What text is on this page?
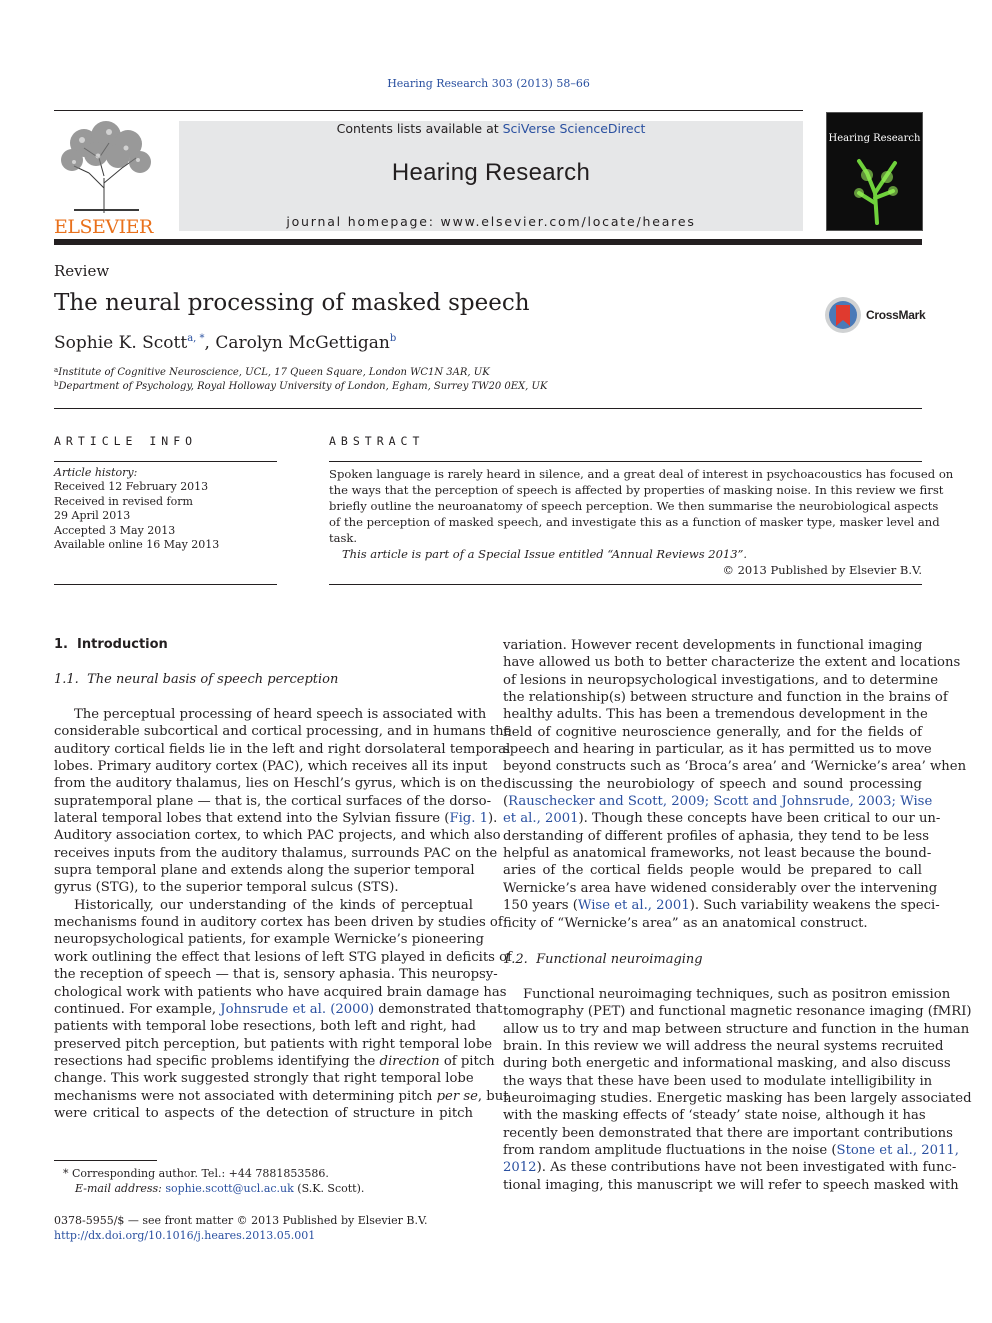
Hearing Research 303 (2013) 58–66
ELSEVIER
Contents lists available at SciVerse ScienceDirect
Hearing Research
journal homepage: www.elsevier.com/locate/heares
Hearing Research
Review
The neural processing of masked speech	CrossMark
Sophie K. Scott$^{a, *}$, Carolyn McGettigan$^b$
$^a$Institute of Cognitive Neuroscience, UCL, 17 Queen Square, London WC1N 3AR, UK
$^b$Department of Psychology, Royal Holloway University of London, Egham, Surrey TW20 0EX, UK
ARTICLE INFO
Article history:
Received 12 February 2013
Received in revised form
29 April 2013
Accepted 3 May 2013
Available online 16 May 2013
ABSTRACT
Spoken language is rarely heard in silence, and a great deal of interest in psychoacoustics has focused on
the ways that the perception of speech is affected by properties of masking noise. In this review we first
briefly outline the neuroanatomy of speech perception. We then summarise the neurobiological aspects
of the perception of masked speech, and investigate this as a function of masker type, masker level and
task.
This article is part of a Special Issue entitled “Annual Reviews 2013”.
© 2013 Published by Elsevier B.V.
1.  Introduction
1.1.  The neural basis of speech perception
The perceptual processing of heard speech is associated with
considerable subcortical and cortical processing, and in humans the
auditory cortical fields lie in the left and right dorsolateral temporal
lobes. Primary auditory cortex (PAC), which receives all its input
from the auditory thalamus, lies on Heschl’s gyrus, which is on the
supratemporal plane — that is, the cortical surfaces of the dorso-
lateral temporal lobes that extend into the Sylvian fissure (Fig. 1).
Auditory association cortex, to which PAC projects, and which also
receives inputs from the auditory thalamus, surrounds PAC on the
supra temporal plane and extends along the superior temporal
gyrus (STG), to the superior temporal sulcus (STS).
Historically, our understanding of the kinds of perceptual
mechanisms found in auditory cortex has been driven by studies of
neuropsychological patients, for example Wernicke’s pioneering
work outlining the effect that lesions of left STG played in deficits of
the reception of speech — that is, sensory aphasia. This neuropsy-
chological work with patients who have acquired brain damage has
continued. For example, Johnsrude et al. (2000) demonstrated that
patients with temporal lobe resections, both left and right, had
preserved pitch perception, but patients with right temporal lobe
resections had specific problems identifying the direction of pitch
change. This work suggested strongly that right temporal lobe
mechanisms were not associated with determining pitch per se, but
were critical to aspects of the detection of structure in pitch
variation. However recent developments in functional imaging
have allowed us both to better characterize the extent and locations
of lesions in neuropsychological investigations, and to determine
the relationship(s) between structure and function in the brains of
healthy adults. This has been a tremendous development in the
field of cognitive neuroscience generally, and for the fields of
speech and hearing in particular, as it has permitted us to move
beyond constructs such as ‘Broca’s area’ and ‘Wernicke’s area’ when
discussing the neurobiology of speech and sound processing
(Rauschecker and Scott, 2009; Scott and Johnsrude, 2003; Wise
et al., 2001). Though these concepts have been critical to our un-
derstanding of different profiles of aphasia, they tend to be less
helpful as anatomical frameworks, not least because the bound-
aries of the cortical fields people would be prepared to call
Wernicke’s area have widened considerably over the intervening
150 years (Wise et al., 2001). Such variability weakens the speci-
ficity of “Wernicke’s area” as an anatomical construct.
1.2.  Functional neuroimaging
Functional neuroimaging techniques, such as positron emission
tomography (PET) and functional magnetic resonance imaging (fMRI)
allow us to try and map between structure and function in the human
brain. In this review we will address the neural systems recruited
during both energetic and informational masking, and also discuss
the ways that these have been used to modulate intelligibility in
neuroimaging studies. Energetic masking has been largely associated
with the masking effects of ‘steady’ state noise, although it has
recently been demonstrated that there are important contributions
from random amplitude fluctuations in the noise (Stone et al., 2011,
2012). As these contributions have not been investigated with func-
tional imaging, this manuscript we will refer to speech masked with
* Corresponding author. Tel.: +44 7881853586.
E-mail address: sophie.scott@ucl.ac.uk (S.K. Scott).
0378-5955/$ — see front matter © 2013 Published by Elsevier B.V.
http://dx.doi.org/10.1016/j.heares.2013.05.001
